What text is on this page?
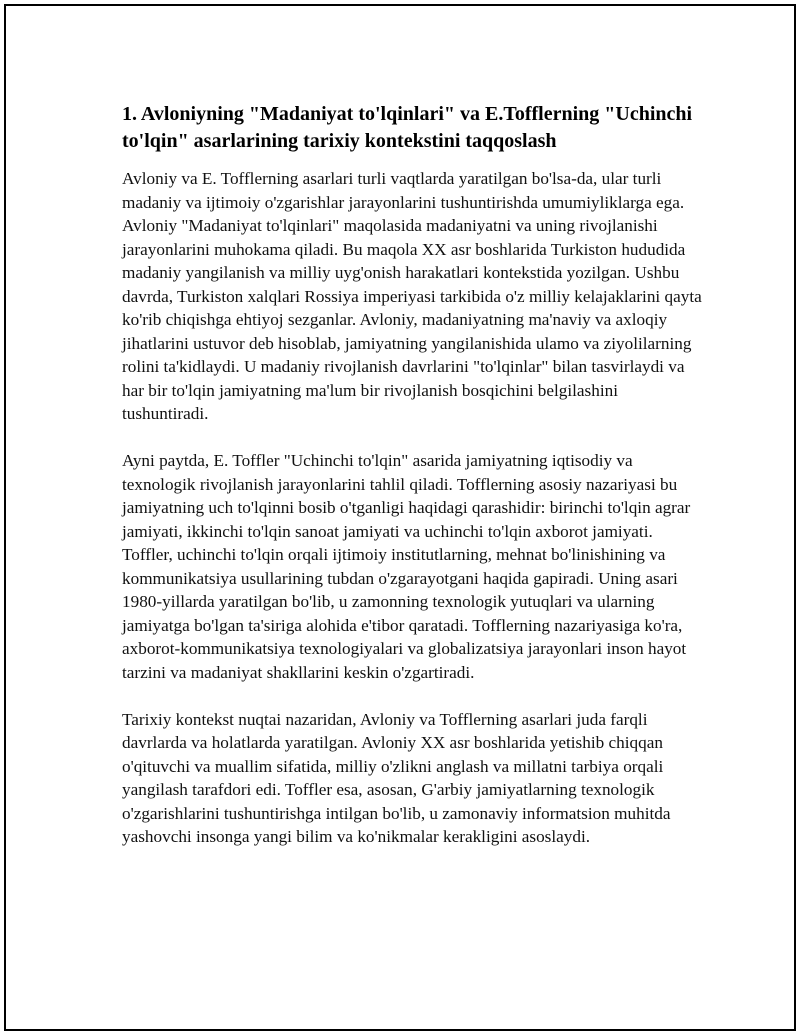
1. Avloniyning "Madaniyat to'lqinlari" va E.Tofflerning "Uchinchi to'lqin" asarlarining tarixiy kontekstini taqqoslash

Avloniy va E. Tofflerning asarlari turli vaqtlarda yaratilgan bo'lsa-da, ular turli madaniy va ijtimoiy o'zgarishlar jarayonlarini tushuntirishda umumiyliklarga ega. Avloniy "Madaniyat to'lqinlari" maqolasida madaniyatni va uning rivojlanishi jarayonlarini muhokama qiladi. Bu maqola XX asr boshlarida Turkiston hududida madaniy yangilanish va milliy uyg'onish harakatlari kontekstida yozilgan. Ushbu davrda, Turkiston xalqlari Rossiya imperiyasi tarkibida o'z milliy kelajaklarini qayta ko'rib chiqishga ehtiyoj sezganlar. Avloniy, madaniyatning ma'naviy va axloqiy jihatlarini ustuvor deb hisoblab, jamiyatning yangilanishida ulamo va ziyolilarning rolini ta'kidlaydi. U madaniy rivojlanish davrlarini "to'lqinlar" bilan tasvirlaydi va har bir to'lqin jamiyatning ma'lum bir rivojlanish bosqichini belgilashini tushuntiradi.

Ayni paytda, E. Toffler "Uchinchi to'lqin" asarida jamiyatning iqtisodiy va texnologik rivojlanish jarayonlarini tahlil qiladi. Tofflerning asosiy nazariyasi bu jamiyatning uch to'lqinni bosib o'tganligi haqidagi qarashidir: birinchi to'lqin agrar jamiyati, ikkinchi to'lqin sanoat jamiyati va uchinchi to'lqin axborot jamiyati. Toffler, uchinchi to'lqin orqali ijtimoiy institutlarning, mehnat bo'linishining va kommunikatsiya usullarining tubdan o'zgarayotgani haqida gapiradi. Uning asari 1980-yillarda yaratilgan bo'lib, u zamonning texnologik yutuqlari va ularning jamiyatga bo'lgan ta'siriga alohida e'tibor qaratadi. Tofflerning nazariyasiga ko'ra, axborot-kommunikatsiya texnologiyalari va globalizatsiya jarayonlari inson hayot tarzini va madaniyat shakllarini keskin o'zgartiradi.

Tarixiy kontekst nuqtai nazaridan, Avloniy va Tofflerning asarlari juda farqli davrlarda va holatlarda yaratilgan. Avloniy XX asr boshlarida yetishib chiqqan o'qituvchi va muallim sifatida, milliy o'zlikni anglash va millatni tarbiya orqali yangilash tarafdori edi. Toffler esa, asosan, G'arbiy jamiyatlarning texnologik o'zgarishlarini tushuntirishga intilgan bo'lib, u zamonaviy informatsion muhitda yashovchi insonga yangi bilim va ko'nikmalar kerakligini asoslaydi.
